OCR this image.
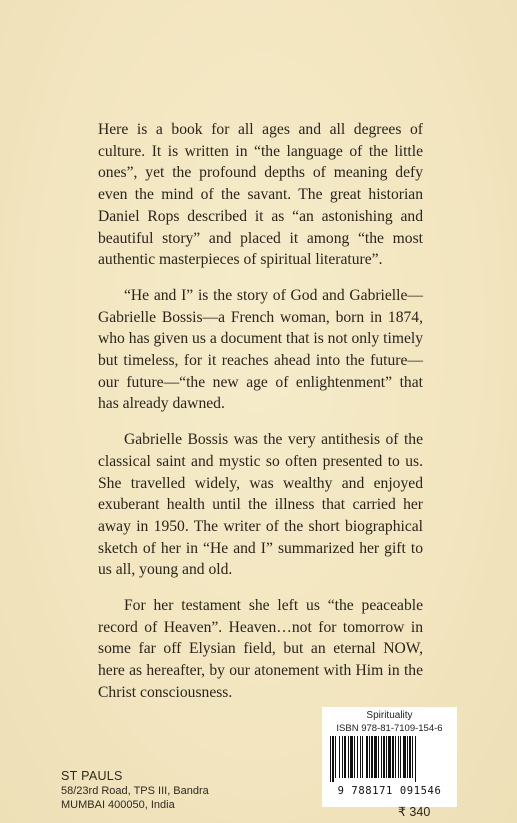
Here is a book for all ages and all degrees of culture. It is written in “the language of the little ones”, yet the profound depths of meaning defy even the mind of the savant. The great historian Daniel Rops described it as “an astonishing and beautiful story” and placed it among “the most authentic masterpieces of spiritual literature”.

“He and I” is the story of God and Gabrielle—Gabrielle Bossis—a French woman, born in 1874, who has given us a document that is not only timely but timeless, for it reaches ahead into the future—our future—“the new age of enlightenment” that has already dawned.

Gabrielle Bossis was the very antithesis of the classical saint and mystic so often presented to us. She travelled widely, was wealthy and enjoyed exuberant health until the illness that carried her away in 1950. The writer of the short biographical sketch of her in “He and I” summarized her gift to us all, young and old.

For her testament she left us “the peaceable record of Heaven”. Heaven…not for tomorrow in some far off Elysian field, but an eternal NOW, here as hereafter, by our atonement with Him in the Christ consciousness.

Spirituality
ISBN 978-81-7109-154-6
9 788171 091546
₹ 340
ST PAULS
58/23rd Road, TPS III, Bandra
MUMBAI 400050, India
